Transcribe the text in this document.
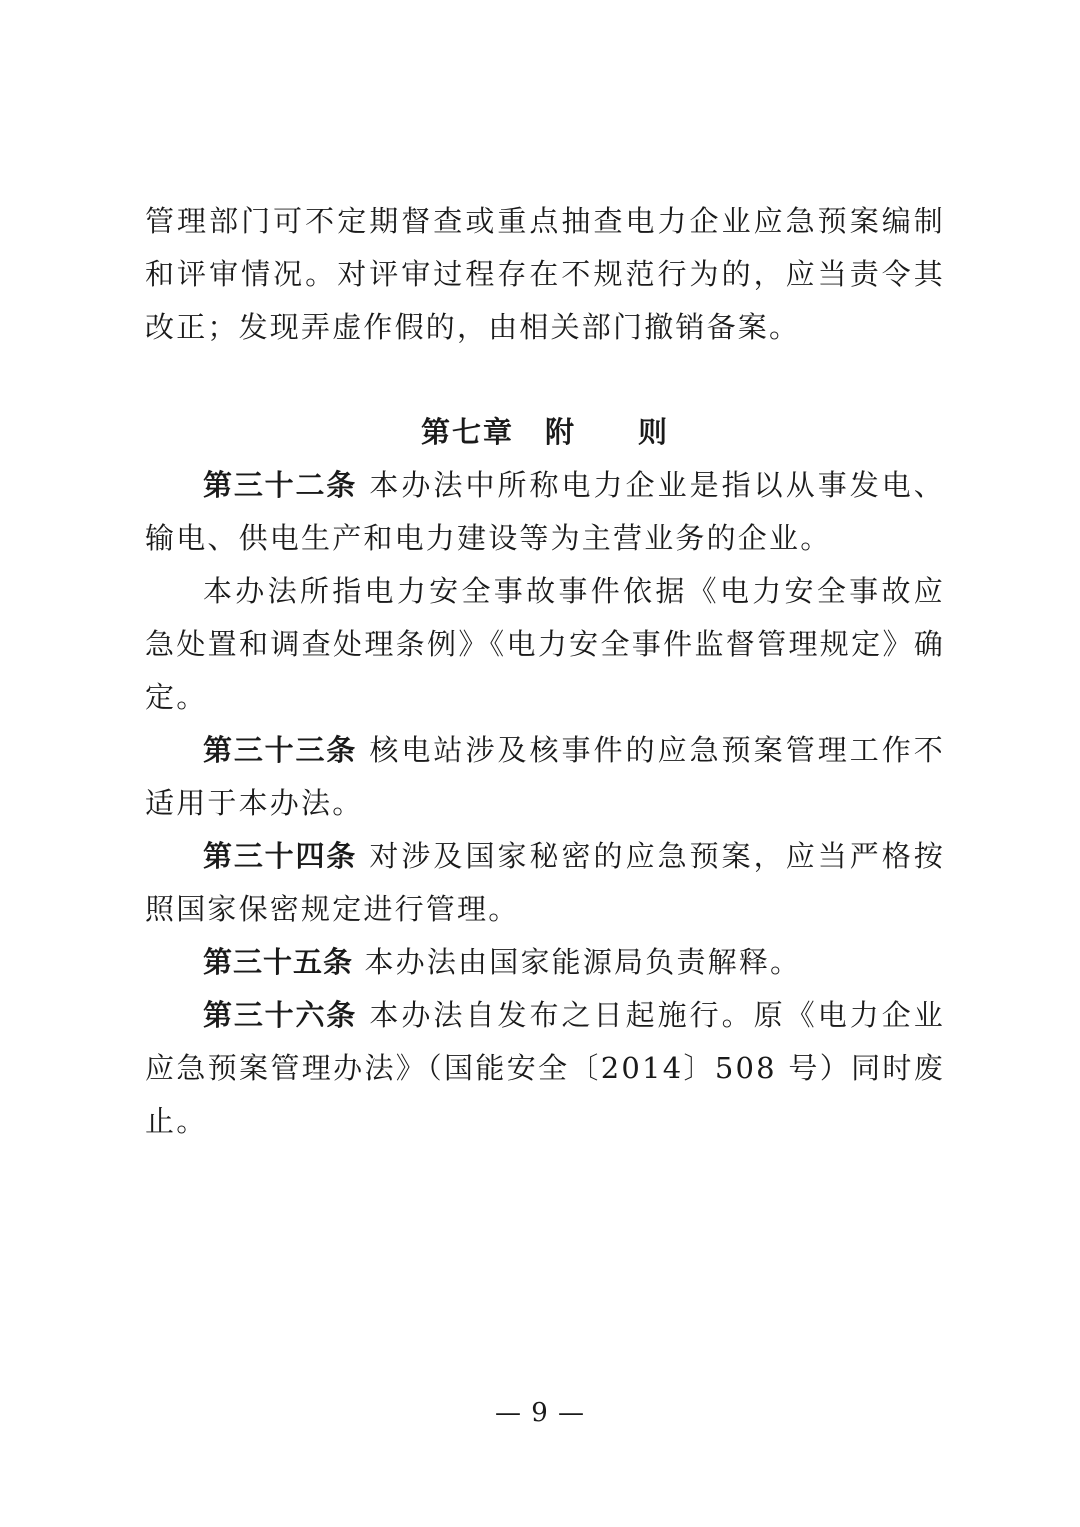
管理部门可不定期督查或重点抽查电力企业应急预案编制和评审情况。对评审过程存在不规范行为的，应当责令其改正；发现弄虚作假的，由相关部门撤销备案。

第七章　附　　则

第三十二条 本办法中所称电力企业是指以从事发电、输电、供电生产和电力建设等为主营业务的企业。

本办法所指电力安全事故事件依据《电力安全事故应急处置和调查处理条例》《电力安全事件监督管理规定》确定。

第三十三条 核电站涉及核事件的应急预案管理工作不适用于本办法。

第三十四条 对涉及国家秘密的应急预案，应当严格按照国家保密规定进行管理。

第三十五条 本办法由国家能源局负责解释。

第三十六条 本办法自发布之日起施行。原《电力企业应急预案管理办法》（国能安全〔2014〕508 号）同时废止。

— 9 —
